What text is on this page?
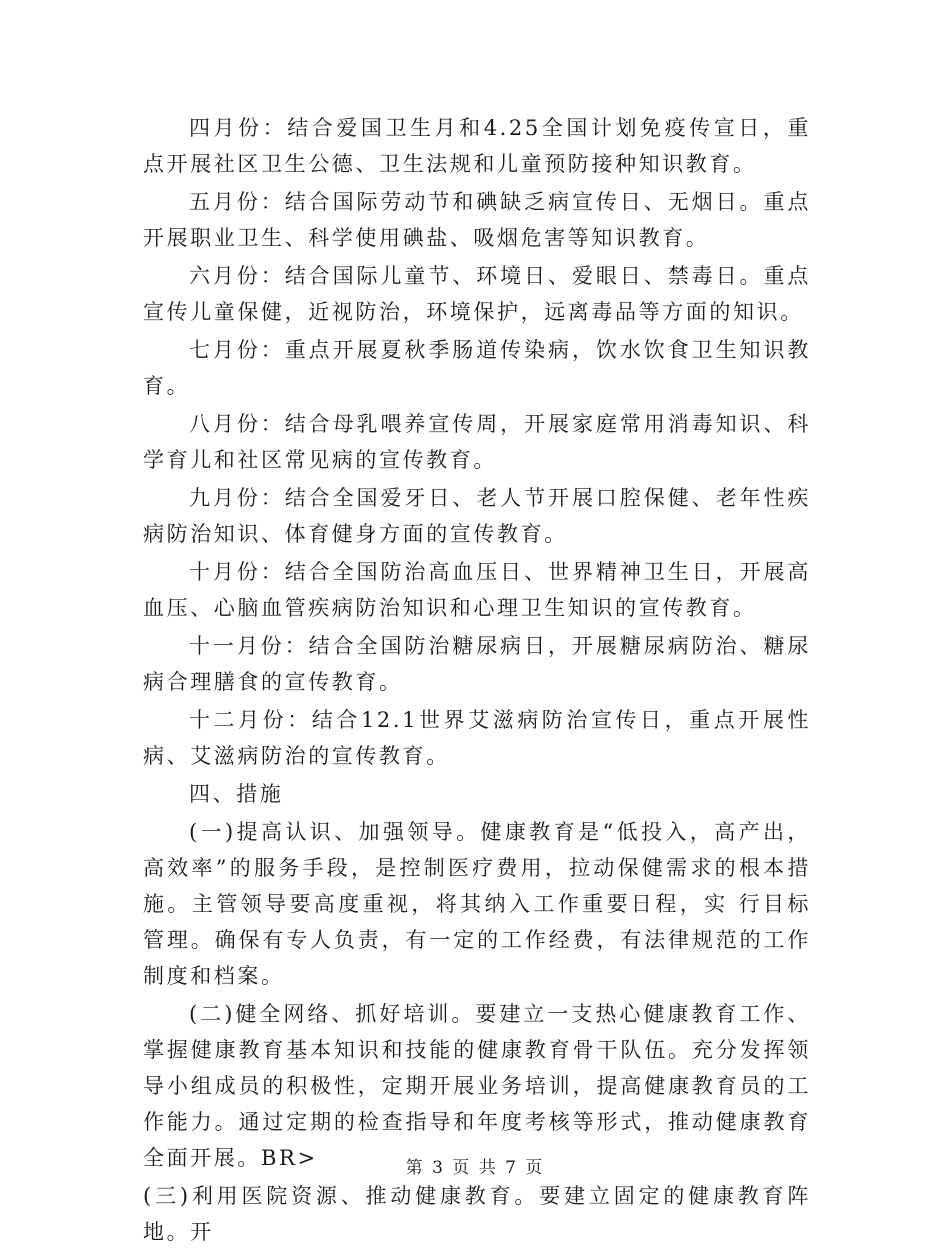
四月份：结合爱国卫生月和4.25全国计划免疫传宣日，重点开展社区卫生公德、卫生法规和儿童预防接种知识教育。

五月份：结合国际劳动节和碘缺乏病宣传日、无烟日。重点开展职业卫生、科学使用碘盐、吸烟危害等知识教育。

六月份：结合国际儿童节、环境日、爱眼日、禁毒日。重点宣传儿童保健，近视防治，环境保护，远离毒品等方面的知识。

七月份：重点开展夏秋季肠道传染病，饮水饮食卫生知识教育。

八月份：结合母乳喂养宣传周，开展家庭常用消毒知识、科学育儿和社区常见病的宣传教育。

九月份：结合全国爱牙日、老人节开展口腔保健、老年性疾病防治知识、体育健身方面的宣传教育。

十月份：结合全国防治高血压日、世界精神卫生日，开展高血压、心脑血管疾病防治知识和心理卫生知识的宣传教育。

十一月份：结合全国防治糖尿病日，开展糖尿病防治、糖尿病合理膳食的宣传教育。

十二月份：结合12.1世界艾滋病防治宣传日，重点开展性病、艾滋病防治的宣传教育。

四、措施

(一)提高认识、加强领导。健康教育是“低投入，高产出，高效率”的服务手段，是控制医疗费用，拉动保健需求的根本措施。主管领导要高度重视，将其纳入工作重要日程，实 行目标管理。确保有专人负责，有一定的工作经费，有法律规范的工作制度和档案。

(二)健全网络、抓好培训。要建立一支热心健康教育工作、掌握健康教育基本知识和技能的健康教育骨干队伍。充分发挥领导小组成员的积极性，定期开展业务培训，提高健康教育员的工作能力。通过定期的检查指导和年度考核等形式，推动健康教育全面开展。BR>

(三)利用医院资源、推动健康教育。要建立固定的健康教育阵地。开

第 3 页 共 7 页
